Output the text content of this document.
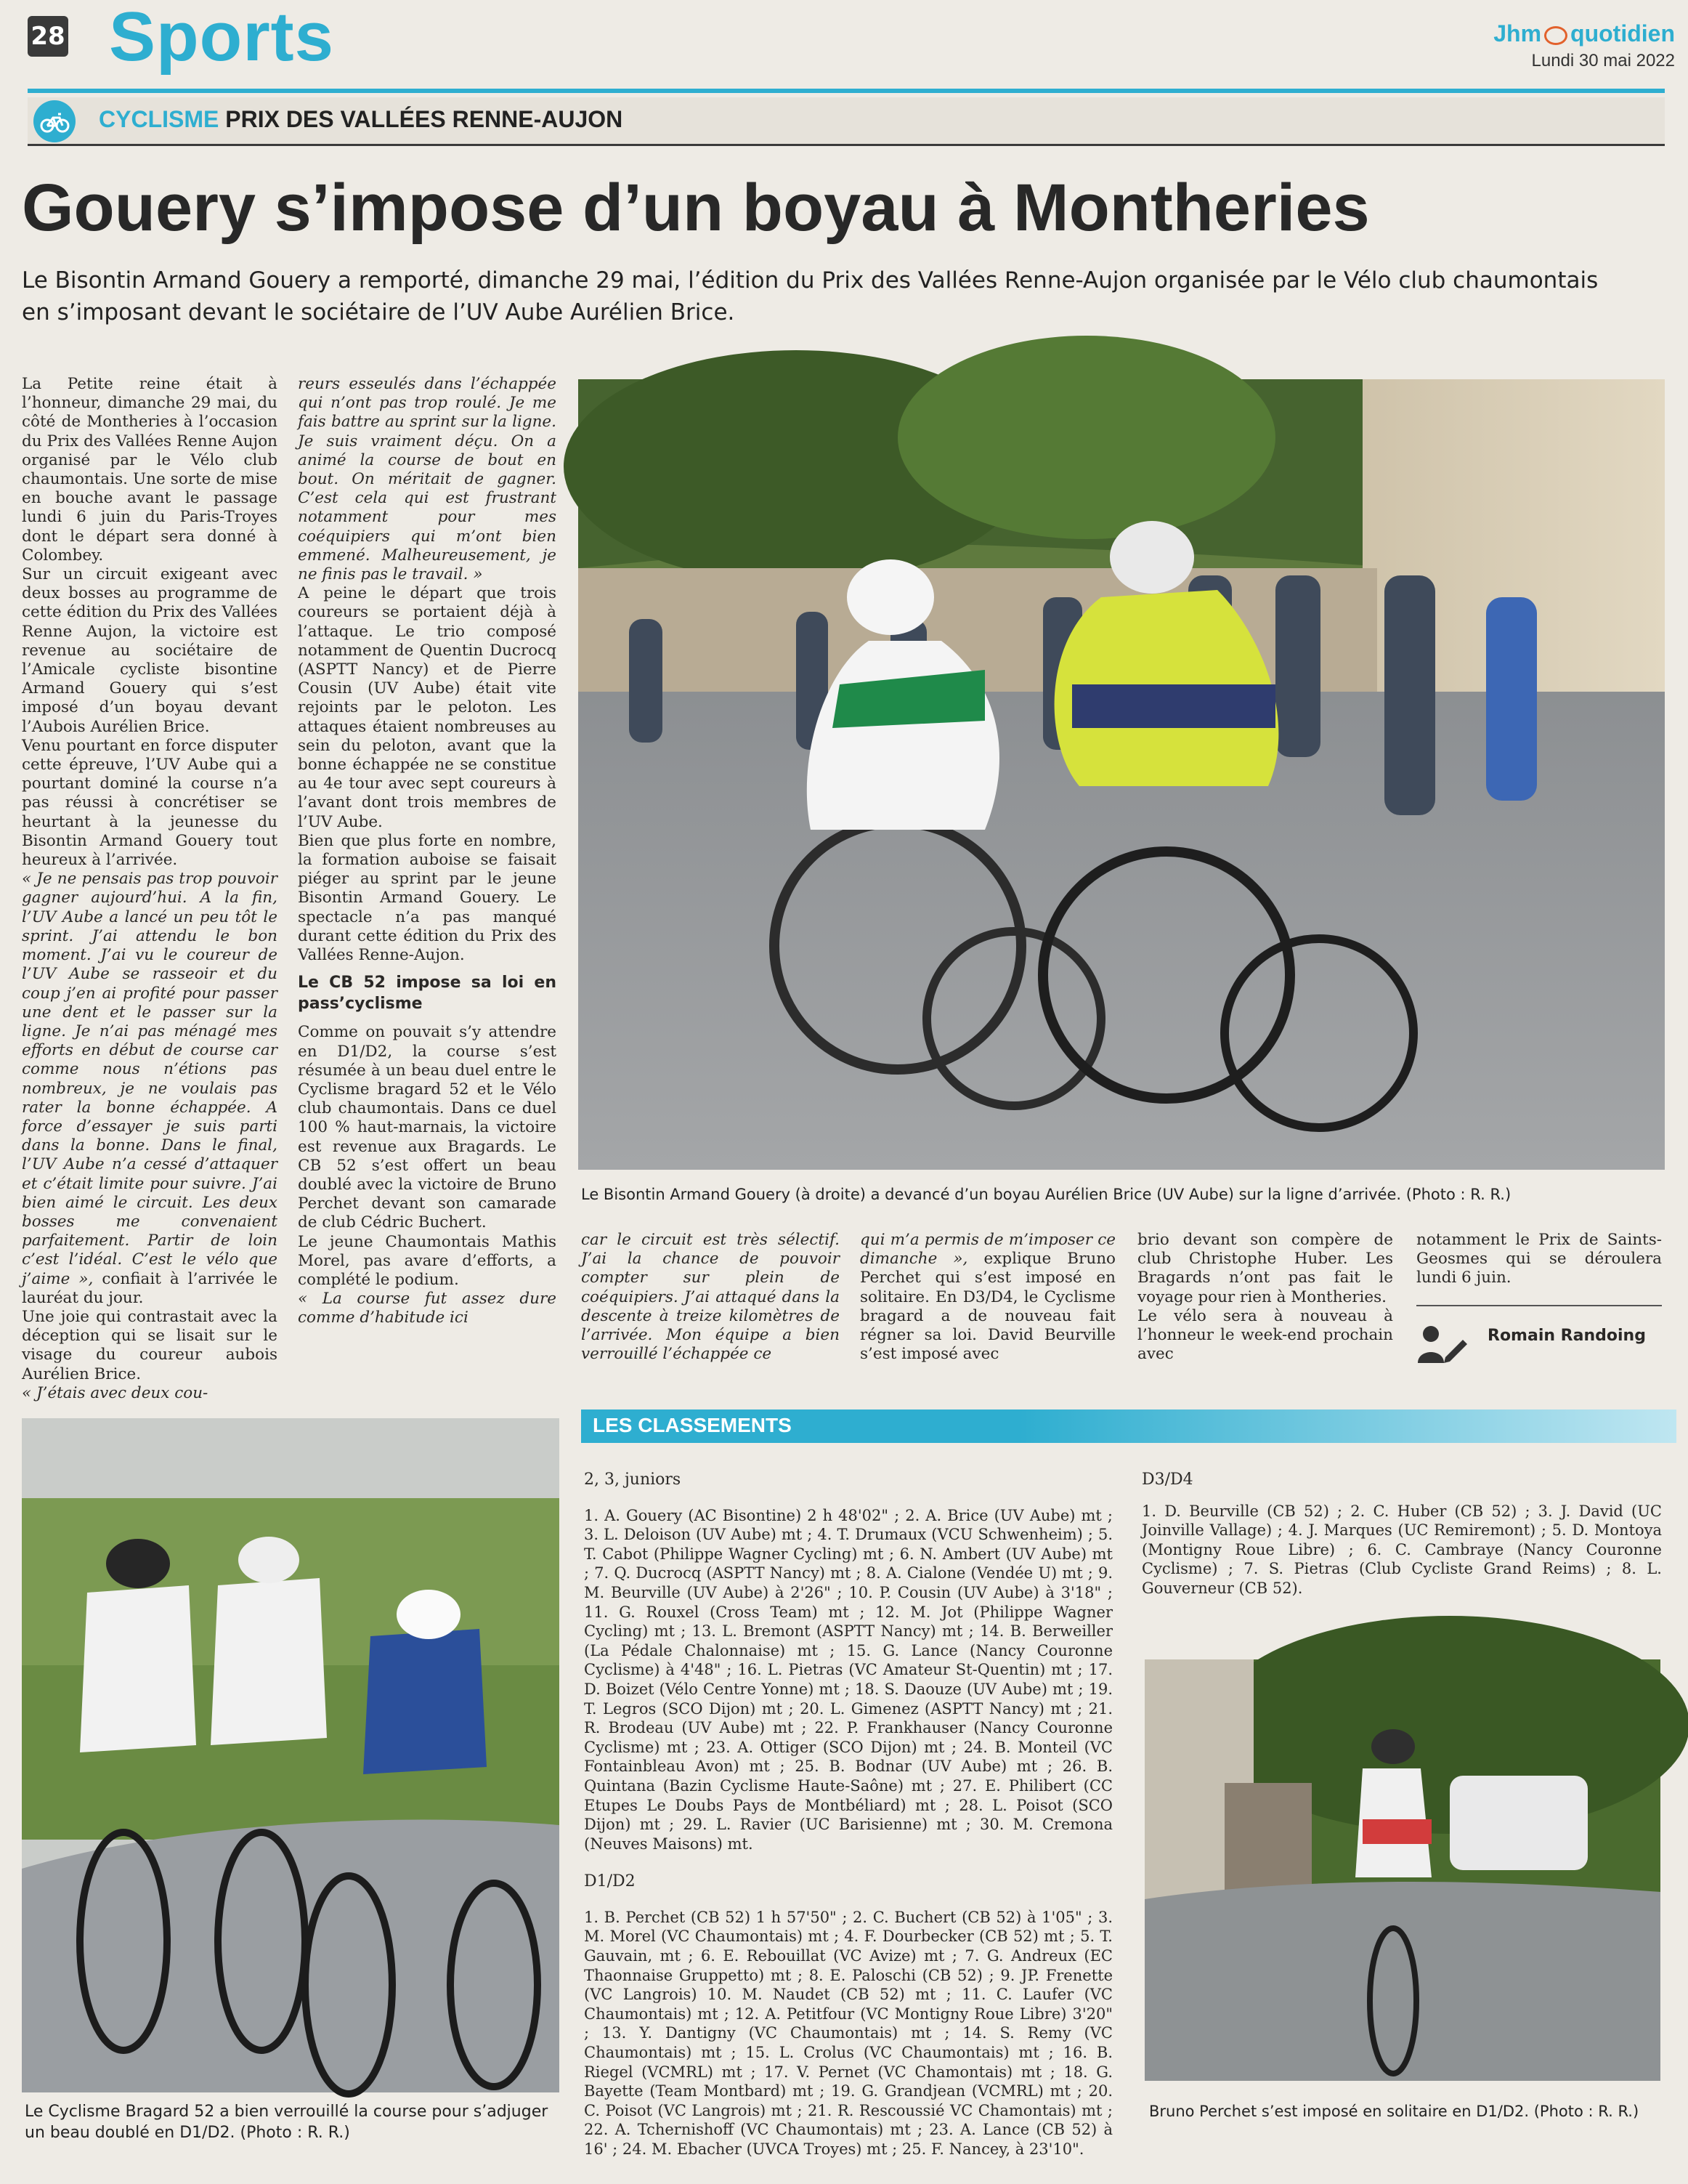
28 Sports	Jhm quotidien
Lundi 30 mai 2022
CYCLISME PRIX DES VALLÉES RENNE-AUJON
Gouery s’impose d’un boyau à Montheries
Le Bisontin Armand Gouery a remporté, dimanche 29 mai, l’édition du Prix des Vallées Renne-Aujon organisée par le Vélo club chaumontais en s’imposant devant le sociétaire de l’UV Aube Aurélien Brice.

La Petite reine était à l’honneur, dimanche 29 mai, du côté de Montheries à l’occasion du Prix des Vallées Renne Aujon organisé par le Vélo club chaumontais. Une sorte de mise en bouche avant le passage lundi 6 juin du Paris-Troyes dont le départ sera donné à Colombey.

Sur un circuit exigeant avec deux bosses au programme de cette édition du Prix des Vallées Renne Aujon, la victoire est revenue au sociétaire de l’Amicale cycliste bisontine Armand Gouery qui s’est imposé d’un boyau devant l’Aubois Aurélien Brice.

Venu pourtant en force disputer cette épreuve, l’UV Aube qui a pourtant dominé la course n’a pas réussi à concrétiser se heurtant à la jeunesse du Bisontin Armand Gouery tout heureux à l’arrivée.

« Je ne pensais pas trop pouvoir gagner aujourd’hui. A la fin, l’UV Aube a lancé un peu tôt le sprint. J’ai attendu le bon moment. J’ai vu le coureur de l’UV Aube se rasseoir et du coup j’en ai profité pour passer une dent et le passer sur la ligne. Je n’ai pas ménagé mes efforts en début de course car comme nous n’étions pas nombreux, je ne voulais pas rater la bonne échappée. A force d’essayer je suis parti dans la bonne. Dans le final, l’UV Aube n’a cessé d’attaquer et c’était limite pour suivre. J’ai bien aimé le circuit. Les deux bosses me convenaient parfaitement. Partir de loin c’est l’idéal. C’est le vélo que j’aime », confiait à l’arrivée le lauréat du jour.

Une joie qui contrastait avec la déception qui se lisait sur le visage du coureur aubois Aurélien Brice.

« J’étais avec deux cou-

reurs esseulés dans l’échappée qui n’ont pas trop roulé. Je me fais battre au sprint sur la ligne. Je suis vraiment déçu. On a animé la course de bout en bout. On méritait de gagner. C’est cela qui est frustrant notamment pour mes coéquipiers qui m’ont bien emmené. Malheureusement, je ne finis pas le travail. »

A peine le départ que trois coureurs se portaient déjà à l’attaque. Le trio composé notamment de Quentin Ducrocq (ASPTT Nancy) et de Pierre Cousin (UV Aube) était vite rejoints par le peloton. Les attaques étaient nombreuses au sein du peloton, avant que la bonne échappée ne se constitue au 4e tour avec sept coureurs à l’avant dont trois membres de l’UV Aube.

Bien que plus forte en nombre, la formation auboise se faisait piéger au sprint par le jeune Bisontin Armand Gouery. Le spectacle n’a pas manqué durant cette édition du Prix des Vallées Renne-Aujon.

Le CB 52 impose sa loi en pass’cyclisme

Comme on pouvait s’y attendre en D1/D2, la course s’est résumée à un beau duel entre le Cyclisme bragard 52 et le Vélo club chaumontais. Dans ce duel 100 % haut-marnais, la victoire est revenue aux Bragards. Le CB 52 s’est offert un beau doublé avec la victoire de Bruno Perchet devant son camarade de club Cédric Buchert.

Le jeune Chaumontais Mathis Morel, pas avare d’efforts, a complété le podium.

« La course fut assez dure comme d’habitude ici

Le Bisontin Armand Gouery (à droite) a devancé d’un boyau Aurélien Brice (UV Aube) sur la ligne d’arrivée. (Photo : R. R.)

car le circuit est très sélectif. J’ai la chance de pouvoir compter sur plein de coéquipiers. J’ai attaqué dans la descente à treize kilomètres de l’arrivée. Mon équipe a bien verrouillé l’échappée ce

qui m’a permis de m’imposer ce dimanche », explique Bruno Perchet qui s’est imposé en solitaire. En D3/D4, le Cyclisme bragard a de nouveau fait régner sa loi. David Beurville s’est imposé avec

brio devant son compère de club Christophe Huber. Les Bragards n’ont pas fait le voyage pour rien à Montheries.

Le vélo sera à nouveau à l’honneur le week-end prochain avec

notamment le Prix de Saints-Geosmes qui se déroulera lundi 6 juin.

Romain Randoing
Le Cyclisme Bragard 52 a bien verrouillé la course pour s’adjuger un beau doublé en D1/D2. (Photo : R. R.)
LES CLASSEMENTS

2, 3, juniors

1. A. Gouery (AC Bisontine) 2 h 48'02" ; 2. A. Brice (UV Aube) mt ; 3. L. Deloison (UV Aube) mt ; 4. T. Drumaux (VCU Schwenheim) ; 5. T. Cabot (Philippe Wagner Cycling) mt ; 6. N. Ambert (UV Aube) mt ; 7. Q. Ducrocq (ASPTT Nancy) mt ; 8. A. Cialone (Vendée U) mt ; 9. M. Beurville (UV Aube) à 2'26" ; 10. P. Cousin (UV Aube) à 3'18" ; 11. G. Rouxel (Cross Team) mt ; 12. M. Jot (Philippe Wagner Cycling) mt ; 13. L. Bremont (ASPTT Nancy) mt ; 14. B. Berweiller (La Pédale Chalonnaise) mt ; 15. G. Lance (Nancy Couronne Cyclisme) à 4'48" ; 16. L. Pietras (VC Amateur St-Quentin) mt ; 17. D. Boizet (Vélo Centre Yonne) mt ; 18. S. Daouze (UV Aube) mt ; 19. T. Legros (SCO Dijon) mt ; 20. L. Gimenez (ASPTT Nancy) mt ; 21. R. Brodeau (UV Aube) mt ; 22. P. Frankhauser (Nancy Couronne Cyclisme) mt ; 23. A. Ottiger (SCO Dijon) mt ; 24. B. Monteil (VC Fontainbleau Avon) mt ; 25. B. Bodnar (UV Aube) mt ; 26. B. Quintana (Bazin Cyclisme Haute-Saône) mt ; 27. E. Philibert (CC Etupes Le Doubs Pays de Montbéliard) mt ; 28. L. Poisot (SCO Dijon) mt ; 29. L. Ravier (UC Barisienne) mt ; 30. M. Cremona (Neuves Maisons) mt.

D1/D2

1. B. Perchet (CB 52) 1 h 57'50" ; 2. C. Buchert (CB 52) à 1'05" ; 3. M. Morel (VC Chaumontais) mt ; 4. F. Dourbecker (CB 52) mt ; 5. T. Gauvain, mt ; 6. E. Rebouillat (VC Avize) mt ; 7. G. Andreux (EC Thaonnaise Gruppetto) mt ; 8. E. Paloschi (CB 52) ; 9. JP. Frenette (VC Langrois) 10. M. Naudet (CB 52) mt ; 11. C. Laufer (VC Chaumontais) mt ; 12. A. Petitfour (VC Montigny Roue Libre) 3'20" ; 13. Y. Dantigny (VC Chaumontais) mt ; 14. S. Remy (VC Chaumontais) mt ; 15. L. Crolus (VC Chaumontais) mt ; 16. B. Riegel (VCMRL) mt ; 17. V. Pernet (VC Chamontais) mt ; 18. G. Bayette (Team Montbard) mt ; 19. G. Grandjean (VCMRL) mt ; 20. C. Poisot (VC Langrois) mt ; 21. R. Rescoussié VC Chamontais) mt ; 22. A. Tchernishoff (VC Chaumontais) mt ; 23. A. Lance (CB 52) à 16' ; 24. M. Ebacher (UVCA Troyes) mt ; 25. F. Nancey, à 23'10".

D3/D4

1. D. Beurville (CB 52) ; 2. C. Huber (CB 52) ; 3. J. David (UC Joinville Vallage) ; 4. J. Marques (UC Remiremont) ; 5. D. Montoya (Montigny Roue Libre) ; 6. C. Cambraye (Nancy Couronne Cyclisme) ; 7. S. Pietras (Club Cycliste Grand Reims) ; 8. L. Gouverneur (CB 52).

Bruno Perchet s’est imposé en solitaire en D1/D2. (Photo : R. R.)
